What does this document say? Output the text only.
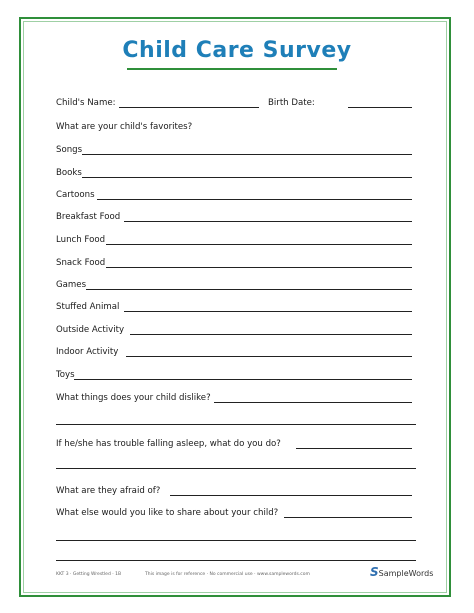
Child Care Survey
Child's Name:	Birth Date:
What are your child's favorites?
Songs
Books
Cartoons
Breakfast Food
Lunch Food
Snack Food
Games
Stuffed Animal
Outside Activity
Indoor Activity
Toys
What things does your child dislike?
If he/she has trouble falling asleep, what do you do?
What are they afraid of?
What else would you like to share about your child?
KKT 3 · Getting Wrestled · 1B	This image is for reference · No commercial use · www.samplewords.com	SSampleWords
